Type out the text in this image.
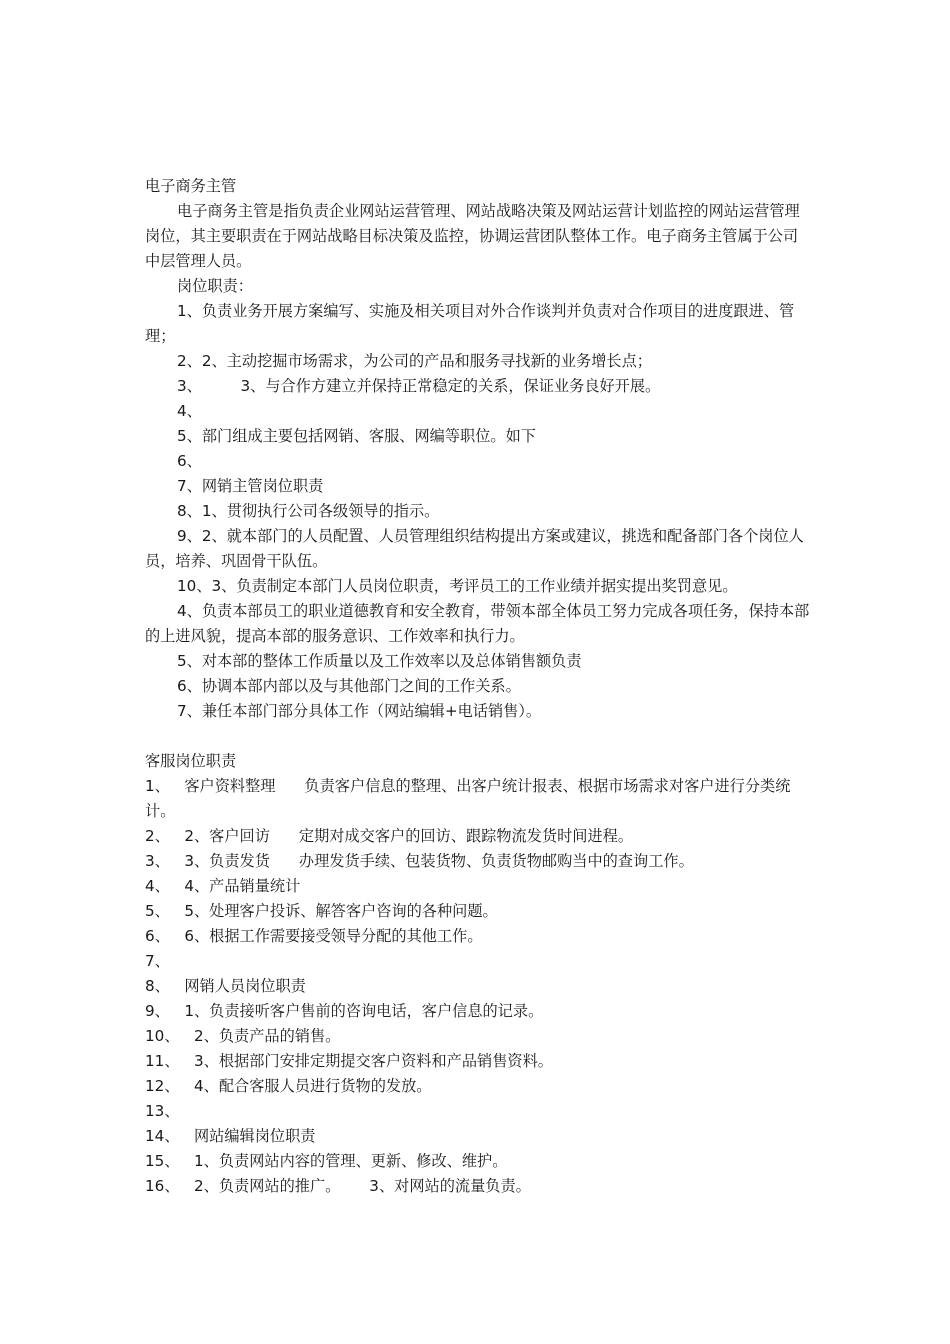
电子商务主管

电子商务主管是指负责企业网站运营管理、网站战略决策及网站运营计划监控的网站运营管理岗位，其主要职责在于网站战略目标决策及监控，协调运营团队整体工作。电子商务主管属于公司中层管理人员。

岗位职责：

1、负责业务开展方案编写、实施及相关项目对外合作谈判并负责对合作项目的进度跟进、管理；

2、2、主动挖掘市场需求，为公司的产品和服务寻找新的业务增长点；

3、        3、与合作方建立并保持正常稳定的关系，保证业务良好开展。

4、

5、部门组成主要包括网销、客服、网编等职位。如下

6、

7、网销主管岗位职责

8、1、贯彻执行公司各级领导的指示。

9、2、就本部门的人员配置、人员管理组织结构提出方案或建议，挑选和配备部门各个岗位人员，培养、巩固骨干队伍。

10、3、负责制定本部门人员岗位职责，考评员工的工作业绩并据实提出奖罚意见。

4、负责本部员工的职业道德教育和安全教育，带领本部全体员工努力完成各项任务，保持本部的上进风貌，提高本部的服务意识、工作效率和执行力。

5、对本部的整体工作质量以及工作效率以及总体销售额负责

6、协调本部内部以及与其他部门之间的工作关系。

7、兼任本部门部分具体工作（网站编辑+电话销售）。

客服岗位职责

1、   客户资料整理      负责客户信息的整理、出客户统计报表、根据市场需求对客户进行分类统计。

2、   2、客户回访      定期对成交客户的回访、跟踪物流发货时间进程。

3、   3、负责发货      办理发货手续、包装货物、负责货物邮购当中的查询工作。

4、   4、产品销量统计

5、   5、处理客户投诉、解答客户咨询的各种问题。

6、   6、根据工作需要接受领导分配的其他工作。

7、

8、   网销人员岗位职责

9、   1、负责接听客户售前的咨询电话，客户信息的记录。

10、   2、负责产品的销售。

11、   3、根据部门安排定期提交客户资料和产品销售资料。

12、   4、配合客服人员进行货物的发放。

13、

14、   网站编辑岗位职责

15、   1、负责网站内容的管理、更新、修改、维护。

16、   2、负责网站的推广。      3、对网站的流量负责。
